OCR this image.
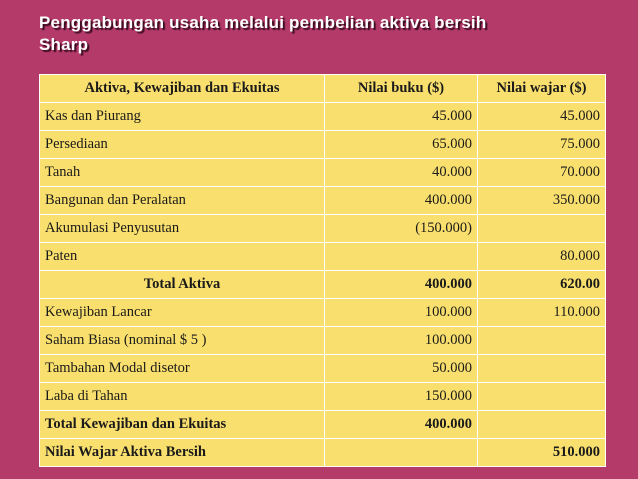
Penggabungan usaha melalui pembelian aktiva bersih
Sharp
Aktiva, Kewajiban dan Ekuitas	Nilai buku ($)	Nilai wajar ($)
Kas dan Piurang	45.000	45.000
Persediaan	65.000	75.000
Tanah	40.000	70.000
Bangunan dan Peralatan	400.000	350.000
Akumulasi Penyusutan	(150.000)	
Paten		80.000
Total Aktiva	400.000	620.00
Kewajiban Lancar	100.000	110.000
Saham Biasa (nominal $ 5 )	100.000	
Tambahan Modal disetor	50.000	
Laba di Tahan	150.000	
Total Kewajiban dan Ekuitas	400.000	
Nilai Wajar Aktiva Bersih		510.000
